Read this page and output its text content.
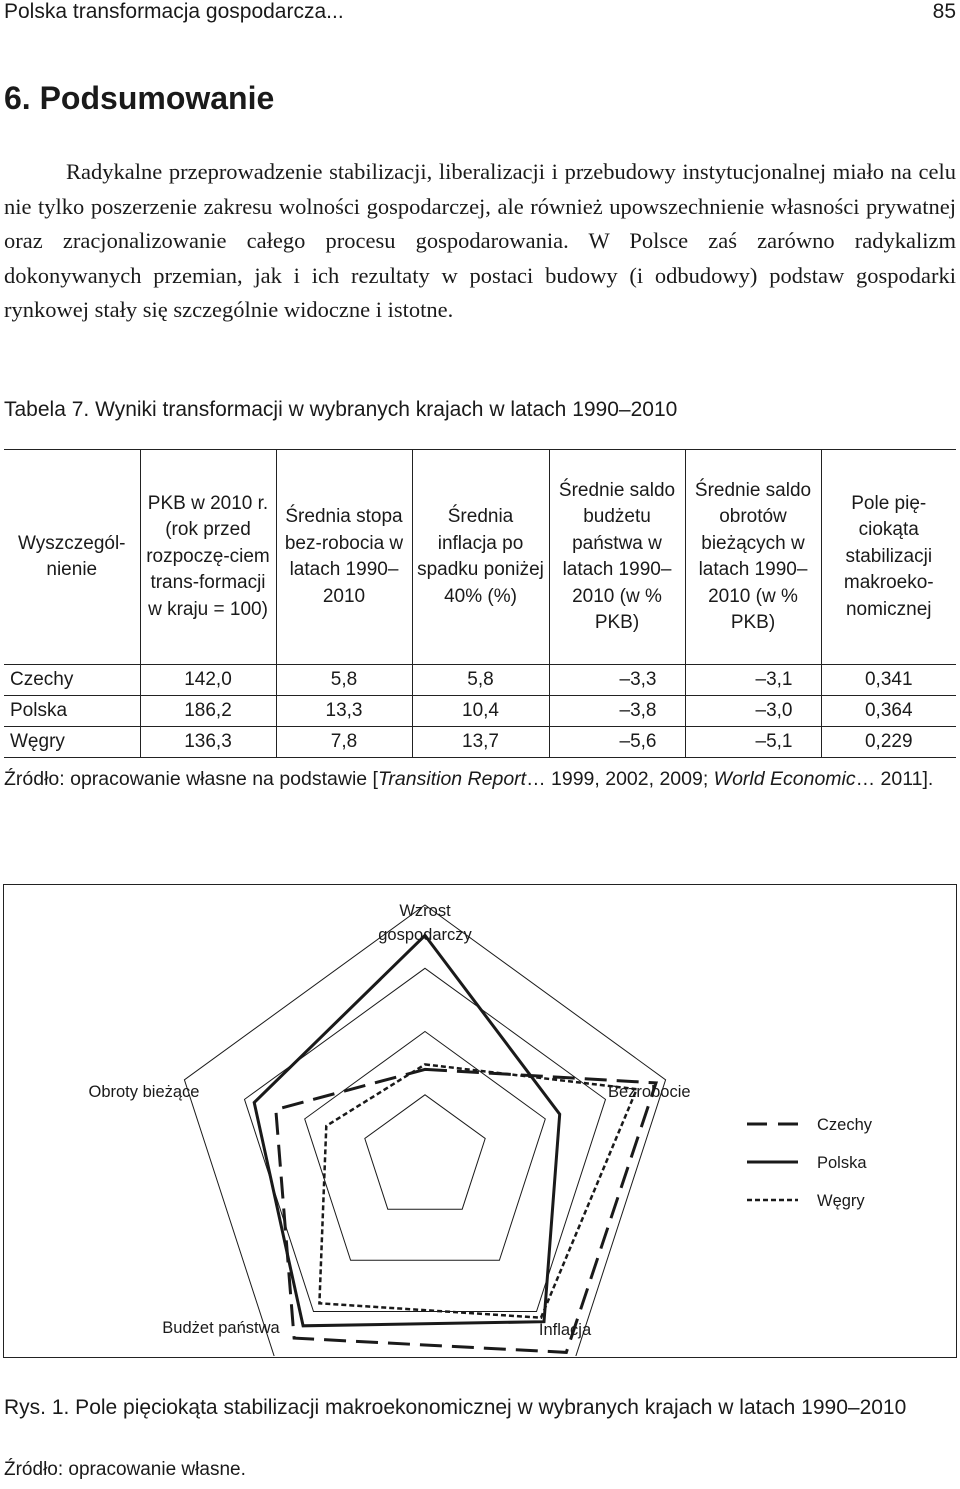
Polska transformacja gospodarcza...	85
6. Podsumowanie

Radykalne przeprowadzenie stabilizacji, liberalizacji i przebudowy instytucjonalnej miało na celu nie tylko poszerzenie zakresu wolności gospodarczej, ale również upowszechnienie własności prywatnej oraz zracjonalizowanie całego procesu gospodarowania. W Polsce zaś zarówno radykalizm dokonywanych przemian, jak i ich rezultaty w postaci budowy (i odbudowy) podstaw gospodarki rynkowej stały się szczególnie widoczne i istotne.

Tabela 7. Wyniki transformacji w wybranych krajach w latach 1990–2010
Wyszczegól-nienie	PKB w 2010 r. (rok przed rozpoczę-ciem trans-formacji w kraju = 100)	Średnia stopa bez-robocia w latach 1990–2010	Średnia inflacja po spadku poniżej 40% (%)	Średnie saldo budżetu państwa w latach 1990–2010 (w % PKB)	Średnie saldo obrotów bieżących w latach 1990–2010 (w % PKB)	Pole pię-ciokąta stabilizacji makroeko-nomicznej
Czechy	142,0	5,8	5,8	–3,3	–3,1	0,341
Polska	186,2	13,3	10,4	–3,8	–3,0	0,364
Węgry	136,3	7,8	13,7	–5,6	–5,1	0,229
Źródło: opracowanie własne na podstawie [Transition Report… 1999, 2002, 2009; World Economic… 2011].
Wzrost
gospodarczy
Bezrobocie
Inflacja
Budżet państwa
Obroty bieżące
Czechy
Polska
Węgry
Rys. 1. Pole pięciokąta stabilizacji makroekonomicznej w wybranych krajach w latach 1990–2010
Źródło: opracowanie własne.
